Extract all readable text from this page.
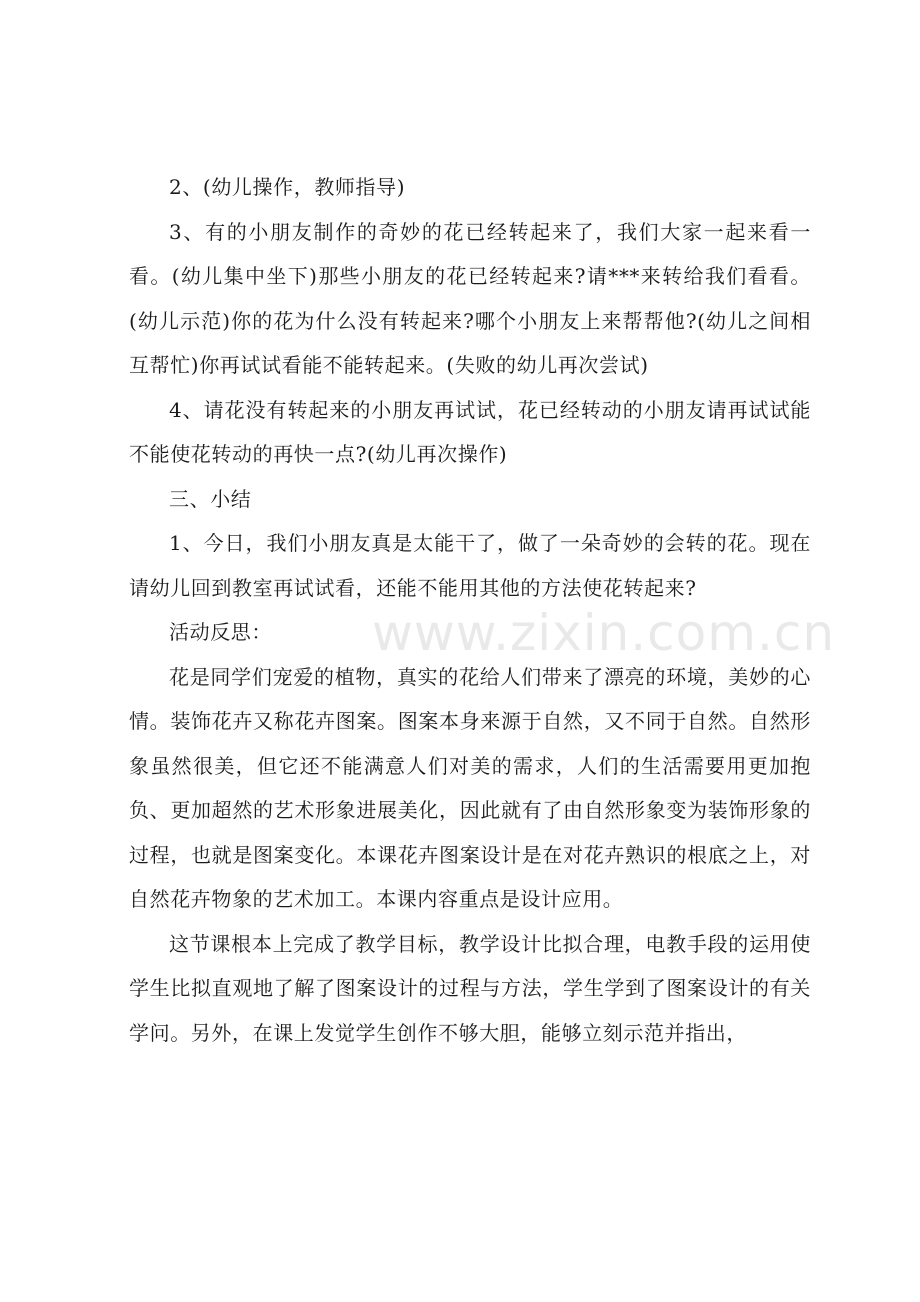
2、(幼儿操作，教师指导)

3、有的小朋友制作的奇妙的花已经转起来了，我们大家一起来看一看。(幼儿集中坐下)那些小朋友的花已经转起来?请***来转给我们看看。(幼儿示范)你的花为什么没有转起来?哪个小朋友上来帮帮他?(幼儿之间相互帮忙)你再试试看能不能转起来。(失败的幼儿再次尝试)

4、请花没有转起来的小朋友再试试，花已经转动的小朋友请再试试能不能使花转动的再快一点?(幼儿再次操作)

三、小结

1、今日，我们小朋友真是太能干了，做了一朵奇妙的会转的花。现在请幼儿回到教室再试试看，还能不能用其他的方法使花转起来?

活动反思：

花是同学们宠爱的植物，真实的花给人们带来了漂亮的环境，美妙的心情。装饰花卉又称花卉图案。图案本身来源于自然，又不同于自然。自然形象虽然很美，但它还不能满意人们对美的需求，人们的生活需要用更加抱负、更加超然的艺术形象进展美化，因此就有了由自然形象变为装饰形象的过程，也就是图案变化。本课花卉图案设计是在对花卉熟识的根底之上，对自然花卉物象的艺术加工。本课内容重点是设计应用。

这节课根本上完成了教学目标，教学设计比拟合理，电教手段的运用使学生比拟直观地了解了图案设计的过程与方法，学生学到了图案设计的有关学问。另外，在课上发觉学生创作不够大胆，能够立刻示范并指出，

www.zixin.com.cn
